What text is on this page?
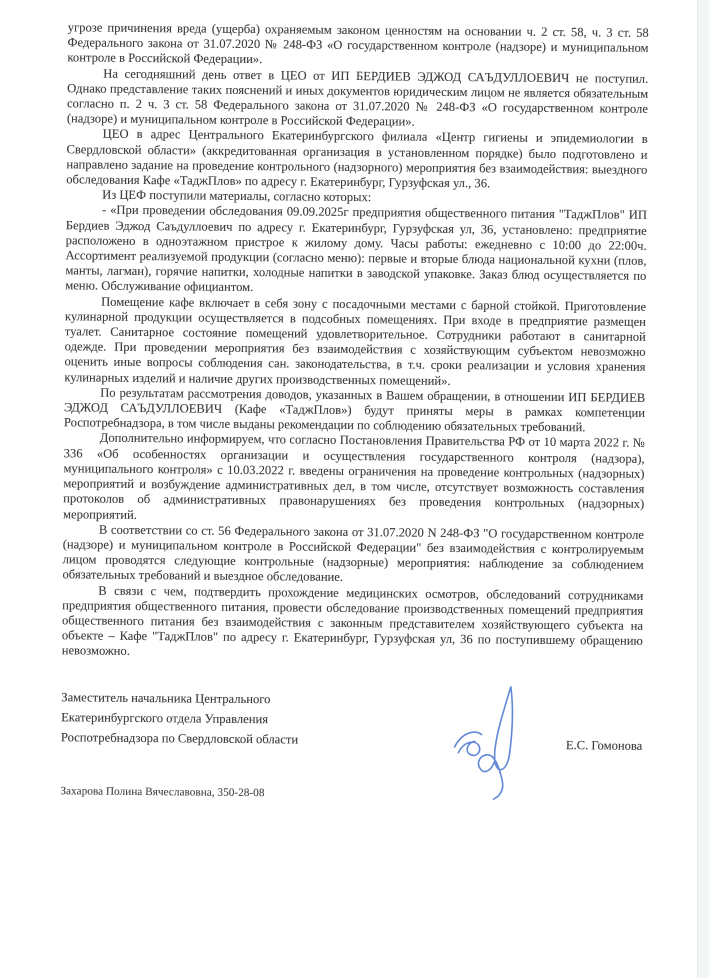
угрозе причинения вреда (ущерба) охраняемым законом ценностям на основании ч. 2 ст. 58, ч. 3 ст. 58 Федерального закона от 31.07.2020 № 248-ФЗ «О государственном контроле (надзоре) и муниципальном контроле в Российской Федерации».

На сегодняшний день ответ в ЦЕО от ИП БЕРДИЕВ ЭДЖОД САЪДУЛЛОЕВИЧ не поступил. Однако представление таких пояснений и иных документов юридическим лицом не является обязательным согласно п. 2 ч. 3 ст. 58 Федерального закона от 31.07.2020 № 248-ФЗ «О государственном контроле (надзоре) и муниципальном контроле в Российской Федерации».

ЦЕО в адрес Центрального Екатеринбургского филиала «Центр гигиены и эпидемиологии в Свердловской области» (аккредитованная организация в установленном порядке) было подготовлено и направлено задание на проведение контрольного (надзорного) мероприятия без взаимодействия: выездного обследования Кафе «ТаджПлов» по адресу г. Екатеринбург, Гурзуфская ул., 36.

Из ЦЕФ поступили материалы, согласно которых:

- «При проведении обследования 09.09.2025г предприятия общественного питания "ТаджПлов" ИП Бердиев Эджод Саъдуллоевич по адресу г. Екатеринбург, Гурзуфская ул, 36, установлено: предприятие расположено в одноэтажном пристрое к жилому дому. Часы работы: ежедневно с 10:00 до 22:00ч. Ассортимент реализуемой продукции (согласно меню): первые и вторые блюда национальной кухни (плов, манты, лагман), горячие напитки, холодные напитки в заводской упаковке. Заказ блюд осуществляется по меню. Обслуживание официантом.

Помещение кафе включает в себя зону с посадочными местами с барной стойкой. Приготовление кулинарной продукции осуществляется в подсобных помещениях. При входе в предприятие размещен туалет. Санитарное состояние помещений удовлетворительное. Сотрудники работают в санитарной одежде. При проведении мероприятия без взаимодействия с хозяйствующим субъектом невозможно оценить иные вопросы соблюдения сан. законодательства, в т.ч. сроки реализации и условия хранения кулинарных изделий и наличие других производственных помещений».

По результатам рассмотрения доводов, указанных в Вашем обращении, в отношении ИП БЕРДИЕВ ЭДЖОД САЪДУЛЛОЕВИЧ (Кафе «ТаджПлов») будут приняты меры в рамках компетенции Роспотребнадзора, в том числе выданы рекомендации по соблюдению обязательных требований.

Дополнительно информируем, что согласно Постановления Правительства РФ от 10 марта 2022 г. № 336 «Об особенностях организации и осуществления государственного контроля (надзора), муниципального контроля» с 10.03.2022 г. введены ограничения на проведение контрольных (надзорных) мероприятий и возбуждение административных дел, в том числе, отсутствует возможность составления протоколов об административных правонарушениях без проведения контрольных (надзорных) мероприятий.

В соответствии со ст. 56 Федерального закона от 31.07.2020 N 248-ФЗ "О государственном контроле (надзоре) и муниципальном контроле в Российской Федерации" без взаимодействия с контролируемым лицом проводятся следующие контрольные (надзорные) мероприятия: наблюдение за соблюдением обязательных требований и выездное обследование.

В связи с чем, подтвердить прохождение медицинских осмотров, обследований сотрудниками предприятия общественного питания, провести обследование производственных помещений предприятия общественного питания без взаимодействия с законным представителем хозяйствующего субъекта на объекте – Кафе "ТаджПлов" по адресу г. Екатеринбург, Гурзуфская ул, 36 по поступившему обращению невозможно.

Заместитель начальника Центрального
Екатеринбургского отдела Управления
Роспотребнадзора по Свердловской области	Е.С. Гомонова
Захарова Полина Вячеславовна, 350-28-08
